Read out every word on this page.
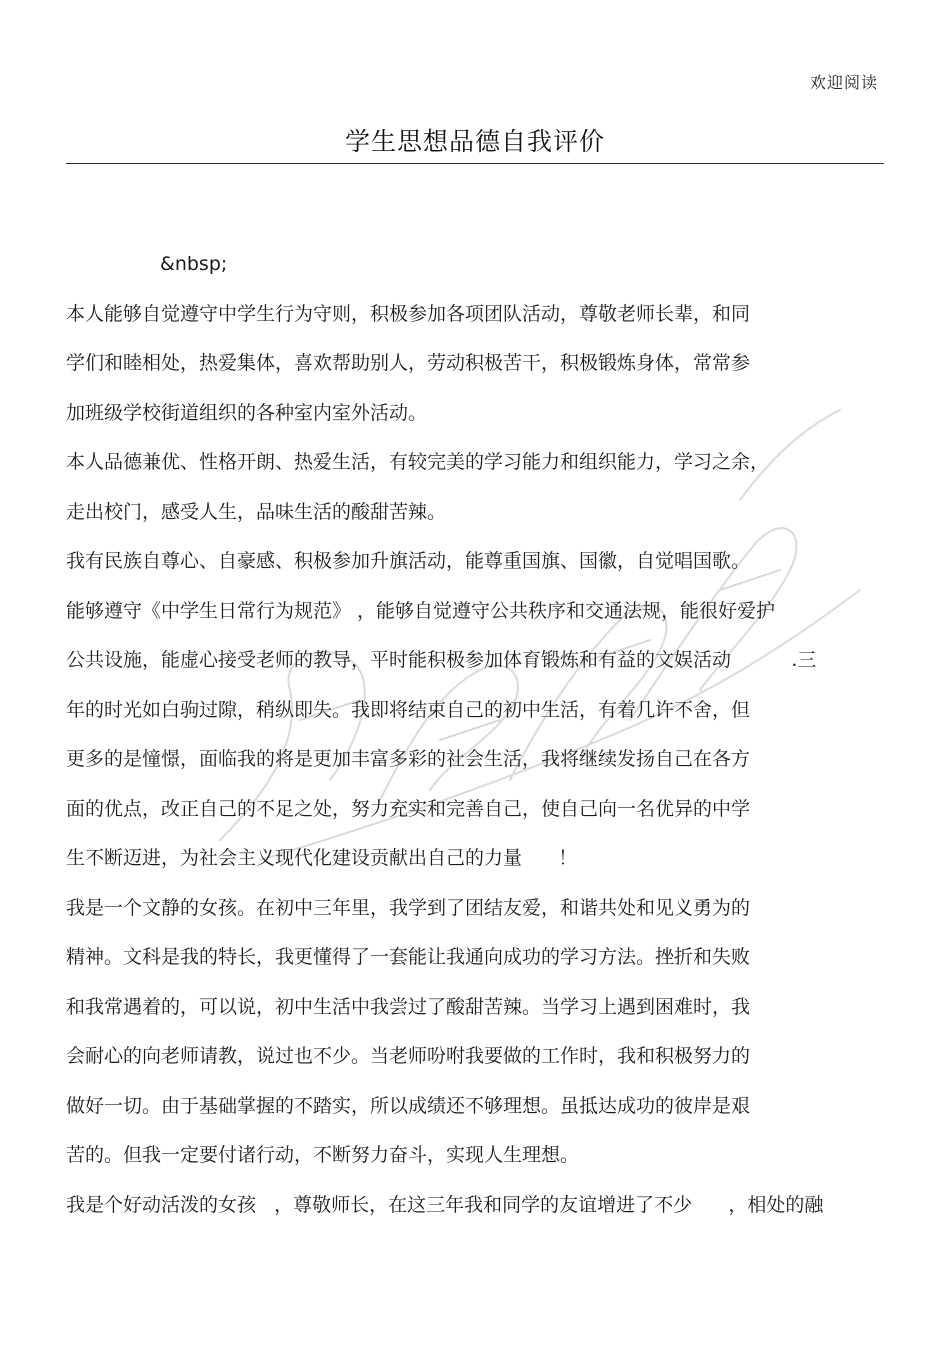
欢迎阅读
学生思想品德自我评价
&nbsp;
本人能够自觉遵守中学生行为守则，积极参加各项团队活动，尊敬老师长辈，和同
学们和睦相处，热爱集体，喜欢帮助别人，劳动积极苦干，积极锻炼身体，常常参
加班级学校街道组织的各种室内室外活动。
本人品德兼优、性格开朗、热爱生活，有较完美的学习能力和组织能力，学习之余，
走出校门，感受人生，品味生活的酸甜苦辣。
我有民族自尊心、自豪感、积极参加升旗活动，能尊重国旗、国徽，自觉唱国歌。
能够遵守《中学生日常行为规范》 ，能够自觉遵守公共秩序和交通法规，能很好爱护
公共设施，能虚心接受老师的教导，平时能积极参加体育锻炼和有益的文娱活动          .三
年的时光如白驹过隙，稍纵即失。我即将结束自己的初中生活，有着几许不舍，但
更多的是憧憬，面临我的将是更加丰富多彩的社会生活，我将继续发扬自己在各方
面的优点，改正自己的不足之处，努力充实和完善自己，使自己向一名优异的中学
生不断迈进，为社会主义现代化建设贡献出自己的力量      ！
我是一个文静的女孩。在初中三年里，我学到了团结友爱，和谐共处和见义勇为的
精神。文科是我的特长，我更懂得了一套能让我通向成功的学习方法。挫折和失败
和我常遇着的，可以说，初中生活中我尝过了酸甜苦辣。当学习上遇到困难时，我
会耐心的向老师请教，说过也不少。当老师吩咐我要做的工作时，我和积极努力的
做好一切。由于基础掌握的不踏实，所以成绩还不够理想。虽抵达成功的彼岸是艰
苦的。但我一定要付诸行动，不断努力奋斗，实现人生理想。
我是个好动活泼的女孩   ，尊敬师长，在这三年我和同学的友谊增进了不少      ，相处的融
